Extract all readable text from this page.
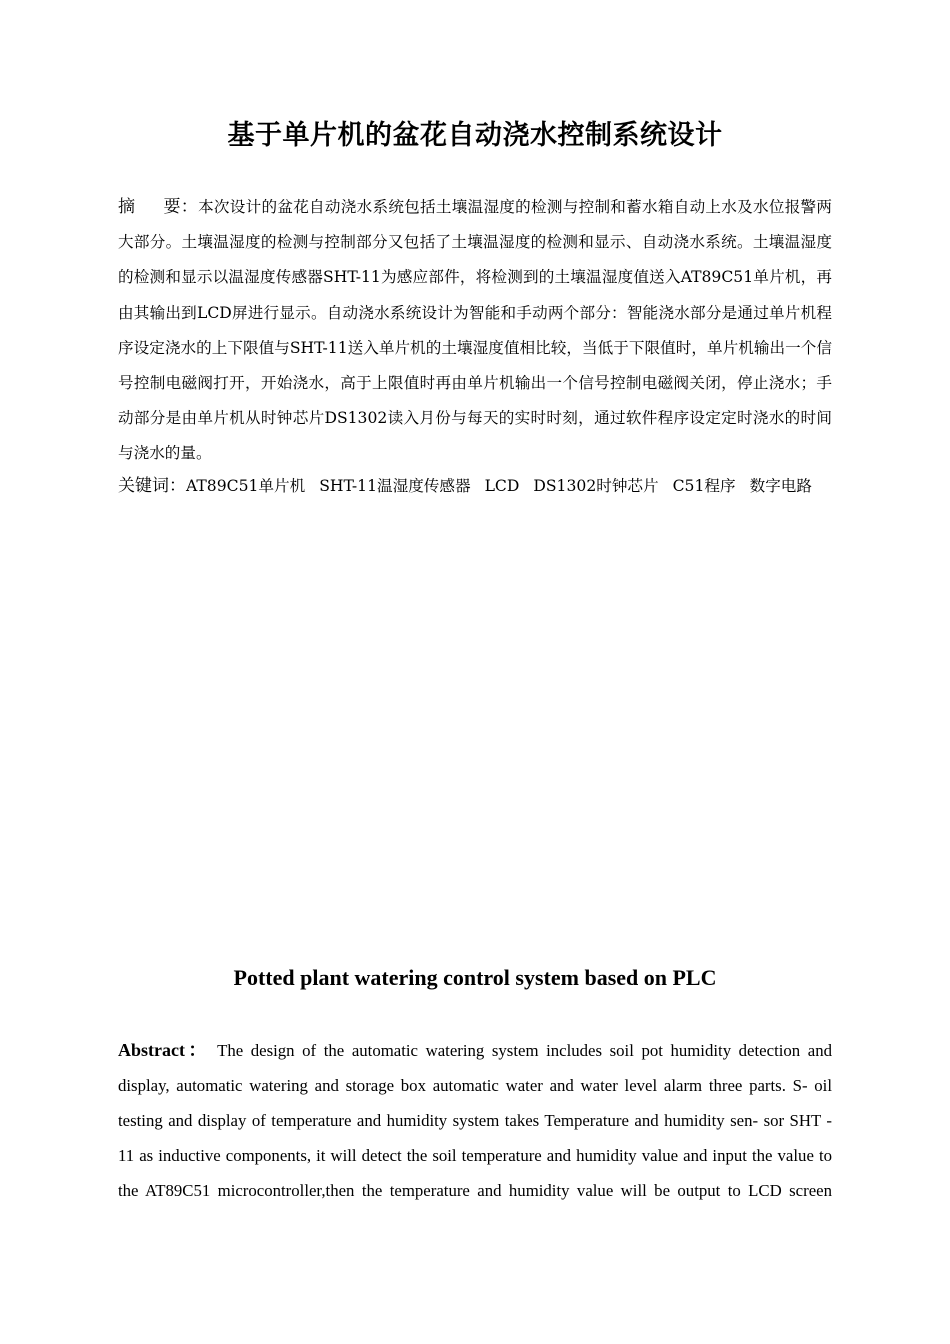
基于单片机的盆花自动浇水控制系统设计
摘 要：本次设计的盆花自动浇水系统包括土壤温湿度的检测与控制和蓄水箱自动上水及水位报警两大部分。土壤温湿度的检测与控制部分又包括了土壤温湿度的检测和显示、自动浇水系统。土壤温湿度的检测和显示以温湿度传感器SHT-11为感应部件，将检测到的土壤温湿度值送入AT89C51单片机，再由其输出到LCD屏进行显示。自动浇水系统设计为智能和手动两个部分：智能浇水部分是通过单片机程序设定浇水的上下限值与SHT-11送入单片机的土壤湿度值相比较，当低于下限值时，单片机输出一个信号控制电磁阀打开，开始浇水，高于上限值时再由单片机输出一个信号控制电磁阀关闭，停止浇水；手动部分是由单片机从时钟芯片DS1302读入月份与每天的实时时刻，通过软件程序设定定时浇水的时间与浇水的量。
关键词：AT89C51单片机 SHT-11温湿度传感器 LCD DS1302时钟芯片 C51程序 数字电路
Potted plant watering control system based on PLC
Abstract： The design of the automatic watering system includes soil pot humidity detection and display, automatic watering and storage box automatic water and water level alarm three parts. S- oil testing and display of temperature and humidity system takes Temperature and humidity sen- sor SHT - 11 as inductive components, it will detect the soil temperature and humidity value and input the value to the AT89C51 microcontroller,then the temperature and humidity value will be output to LCD screen
